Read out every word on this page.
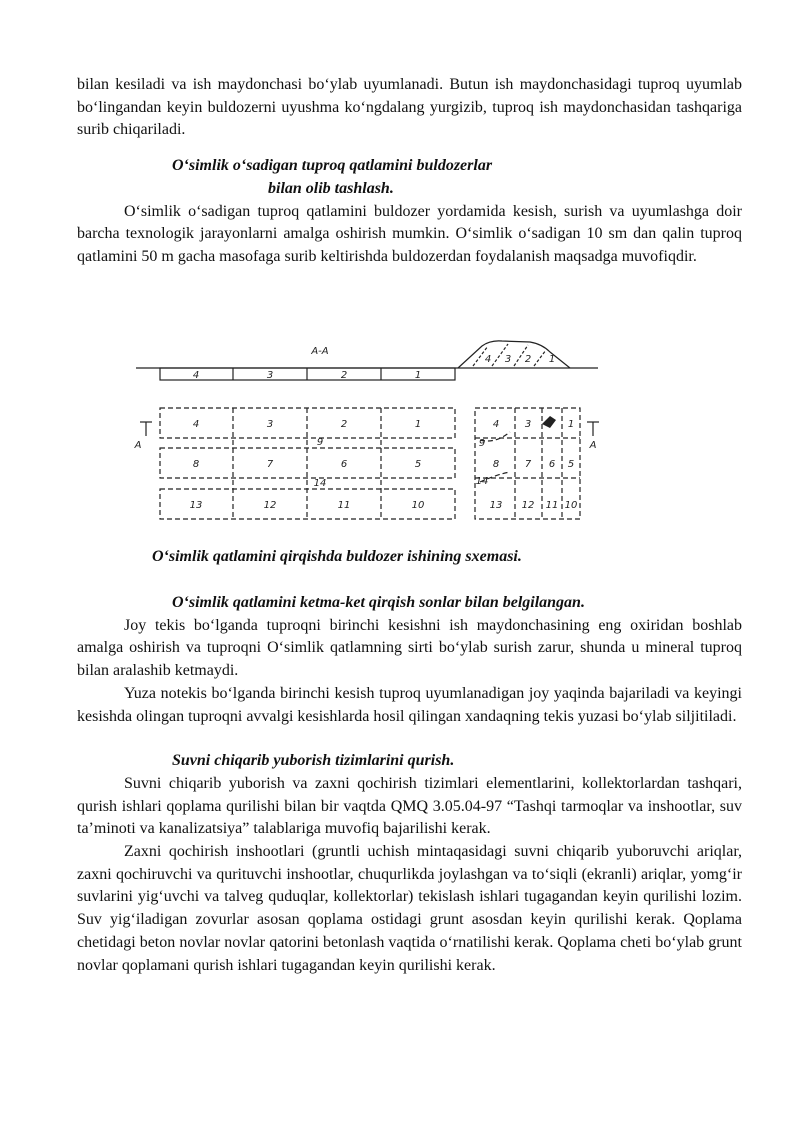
bilan kesiladi va ish maydonchasi bo‘ylab uyumlanadi. Butun ish maydonchasidagi tuproq uyumlab bo‘lingandan keyin buldozerni uyushma ko‘ngdalang yurgizib, tuproq ish maydonchasidan tashqariga surib chiqariladi.

O‘simlik o‘sadigan tuproq qatlamini buldozerlar
bilan olib tashlash.

O‘simlik o‘sadigan tuproq qatlamini buldozer yordamida kesish, surish va uyumlashga doir barcha texnologik jarayonlarni amalga oshirish mumkin. O‘simlik o‘sadigan 10 sm dan qalin tuproq qatlamini 50 m gacha masofaga surib keltirishda buldozerdan foydalanish maqsadga muvofiqdir.

A-A
4	3	2	1
4 3 2 1
A	A
4	3	2	1
9
8	7	6	5
14
13	12	11	10
4	3	1
9
8	7 6 5
14
13 12 11 10
O‘simlik qatlamini qirqishda buldozer ishining sxemasi.
O‘simlik qatlamini ketma-ket qirqish sonlar bilan belgilangan.

Joy tekis bo‘lganda tuproqni birinchi kesishni ish maydonchasining eng oxiridan boshlab amalga oshirish va tuproqni O‘simlik qatlamning sirti bo‘ylab surish zarur, shunda u mineral tuproq bilan aralashib ketmaydi.

Yuza notekis bo‘lganda birinchi kesish tuproq uyumlanadigan joy yaqinda bajariladi va keyingi kesishda olingan tuproqni avvalgi kesishlarda hosil qilingan xandaqning tekis yuzasi bo‘ylab siljitiladi.

Suvni chiqarib yuborish tizimlarini qurish.

Suvni chiqarib yuborish va zaxni qochirish tizimlari elementlarini, kollektorlardan tashqari, qurish ishlari qoplama qurilishi bilan bir vaqtda QMQ 3.05.04-97 “Tashqi tarmoqlar va inshootlar, suv ta’minoti va kanalizatsiya” talablariga muvofiq bajarilishi kerak.

Zaxni qochirish inshootlari (gruntli uchish mintaqasidagi suvni chiqarib yuboruvchi ariqlar, zaxni qochiruvchi va qurituvchi inshootlar, chuqurlikda joylashgan va to‘siqli (ekranli) ariqlar, yomg‘ir suvlarini yig‘uvchi va talveg quduqlar, kollektorlar) tekislash ishlari tugagandan keyin qurilishi lozim. Suv yig‘iladigan zovurlar asosan qoplama ostidagi grunt asosdan keyin qurilishi kerak. Qoplama chetidagi beton novlar novlar qatorini betonlash vaqtida o‘rnatilishi kerak. Qoplama cheti bo‘ylab grunt novlar qoplamani qurish ishlari tugagandan keyin qurilishi kerak.
